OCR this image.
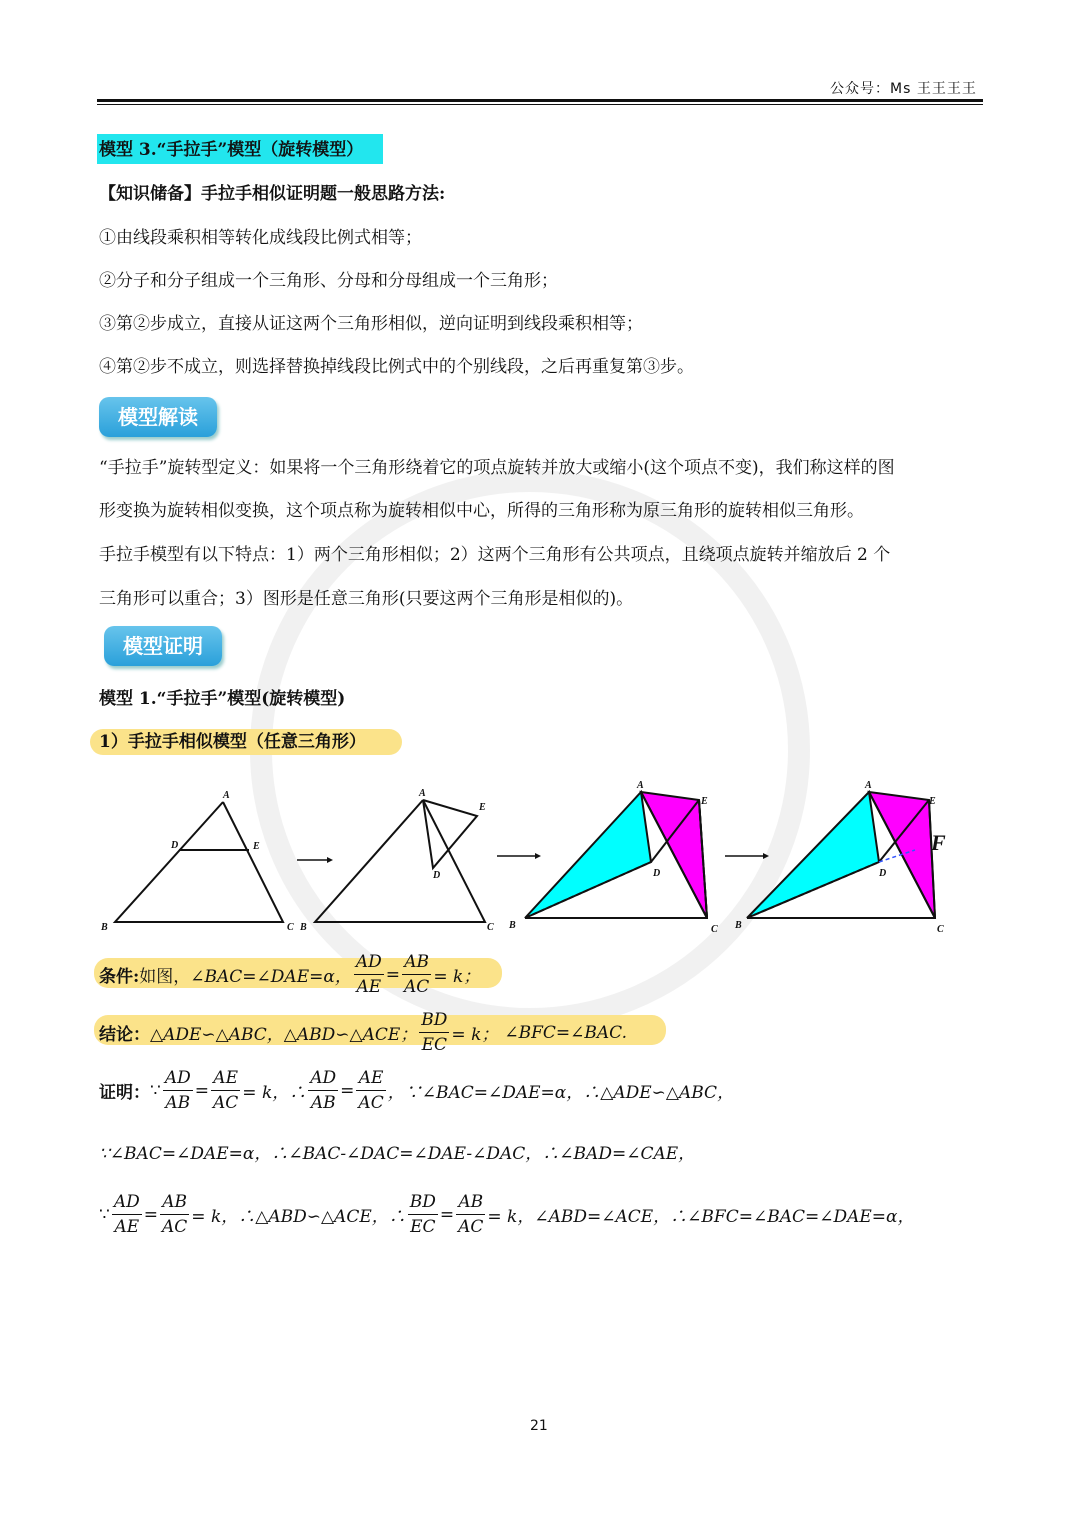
公众号：Ms 王王王王
模型 3.“手拉手”模型（旋转模型）
【知识储备】手拉手相似证明题一般思路方法:
①由线段乘积相等转化成线段比例式相等；
②分子和分子组成一个三角形、分母和分母组成一个三角形；
③第②步成立，直接从证这两个三角形相似，逆向证明到线段乘积相等；
④第②步不成立，则选择替换掉线段比例式中的个别线段，之后再重复第③步。
模型解读
“手拉手”旋转型定义：如果将一个三角形绕着它的项点旋转并放大或缩小(这个项点不变)，我们称这样的图
形变换为旋转相似变换，这个项点称为旋转相似中心，所得的三角形称为原三角形的旋转相似三角形。
手拉手模型有以下特点：1）两个三角形相似；2）这两个三角形有公共项点，且绕项点旋转并缩放后 2 个
三角形可以重合；3）图形是任意三角形(只要这两个三角形是相似的)。
模型证明
模型 1.“手拉手”模型(旋转模型)
1）手拉手相似模型（任意三角形）
A
D	E
B	C
A
E
D
B	C
A
E
D
B	C
A
E
D
B	C
F
条件: 如图， ∠BAC=∠DAE=α， $\frac{AD}{AE} = \frac{AB}{AC} = k$；
结论： △ADE∽△ABC，△ABD∽△ACE； $\frac{BD}{EC} = k$； ∠BFC=∠BAC.
证明： ∵ $\frac{AD}{AB} = \frac{AE}{AC} = k$，∴ $\frac{AD}{AB} = \frac{AE}{AC}$ ，∵∠BAC=∠DAE=α，∴△ADE∽△ABC，
∵∠BAC=∠DAE=α，∴∠BAC-∠DAC=∠DAE-∠DAC，∴∠BAD=∠CAE，
∵ $\frac{AD}{AE} = \frac{AB}{AC} = k$，∴△ABD∽△ACE，∴ $\frac{BD}{EC} = \frac{AB}{AC} = k$，∠ABD=∠ACE，∴∠BFC=∠BAC=∠DAE=α，
21
